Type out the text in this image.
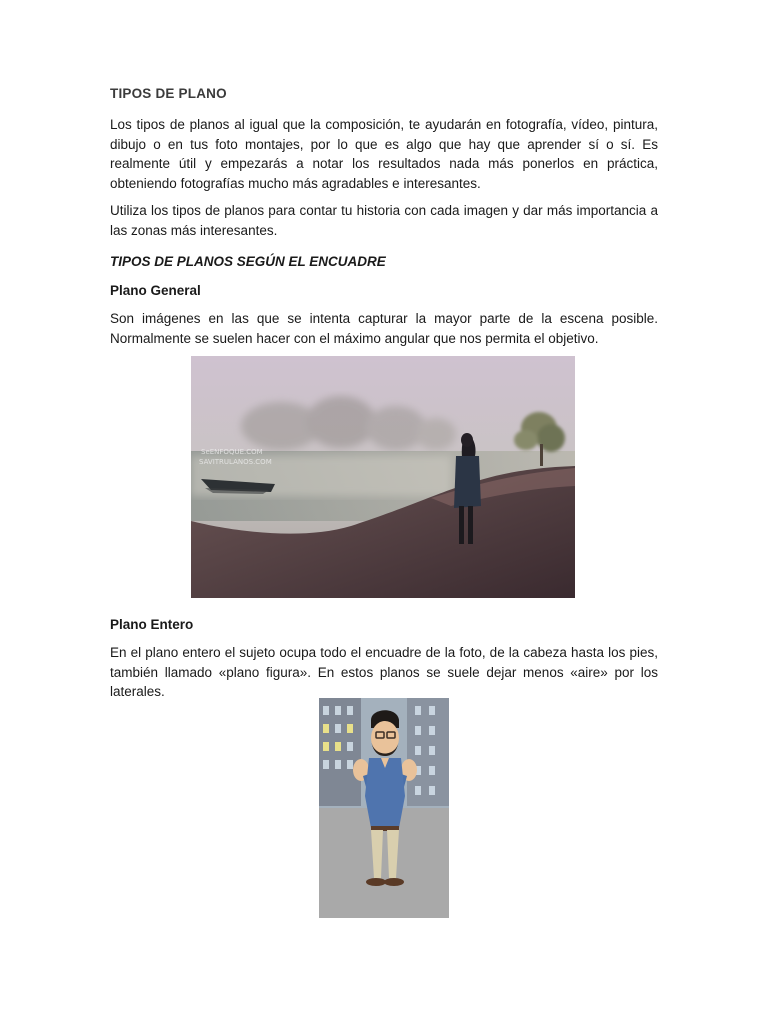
TIPOS DE PLANO

Los tipos de planos al igual que la composición, te ayudarán en fotografía, vídeo, pintura, dibujo o en tus foto montajes, por lo que es algo que hay que aprender sí o sí. Es realmente útil y empezarás a notar los resultados nada más ponerlos en práctica, obteniendo fotografías mucho más agradables e interesantes.

Utiliza los tipos de planos para contar tu historia con cada imagen y dar más importancia a las zonas más interesantes.

TIPOS DE PLANOS SEGÚN EL ENCUADRE
Plano General

Son imágenes en las que se intenta capturar la mayor parte de la escena posible. Normalmente se suelen hacer con el máximo angular que nos permita el objetivo.

SeENFOQUE.COM
SAVITRULANOS.COM
Plano Entero

En el plano entero el sujeto ocupa todo el encuadre de la foto, de la cabeza hasta los pies, también llamado «plano figura». En estos planos se suele dejar menos «aire» por los laterales.
